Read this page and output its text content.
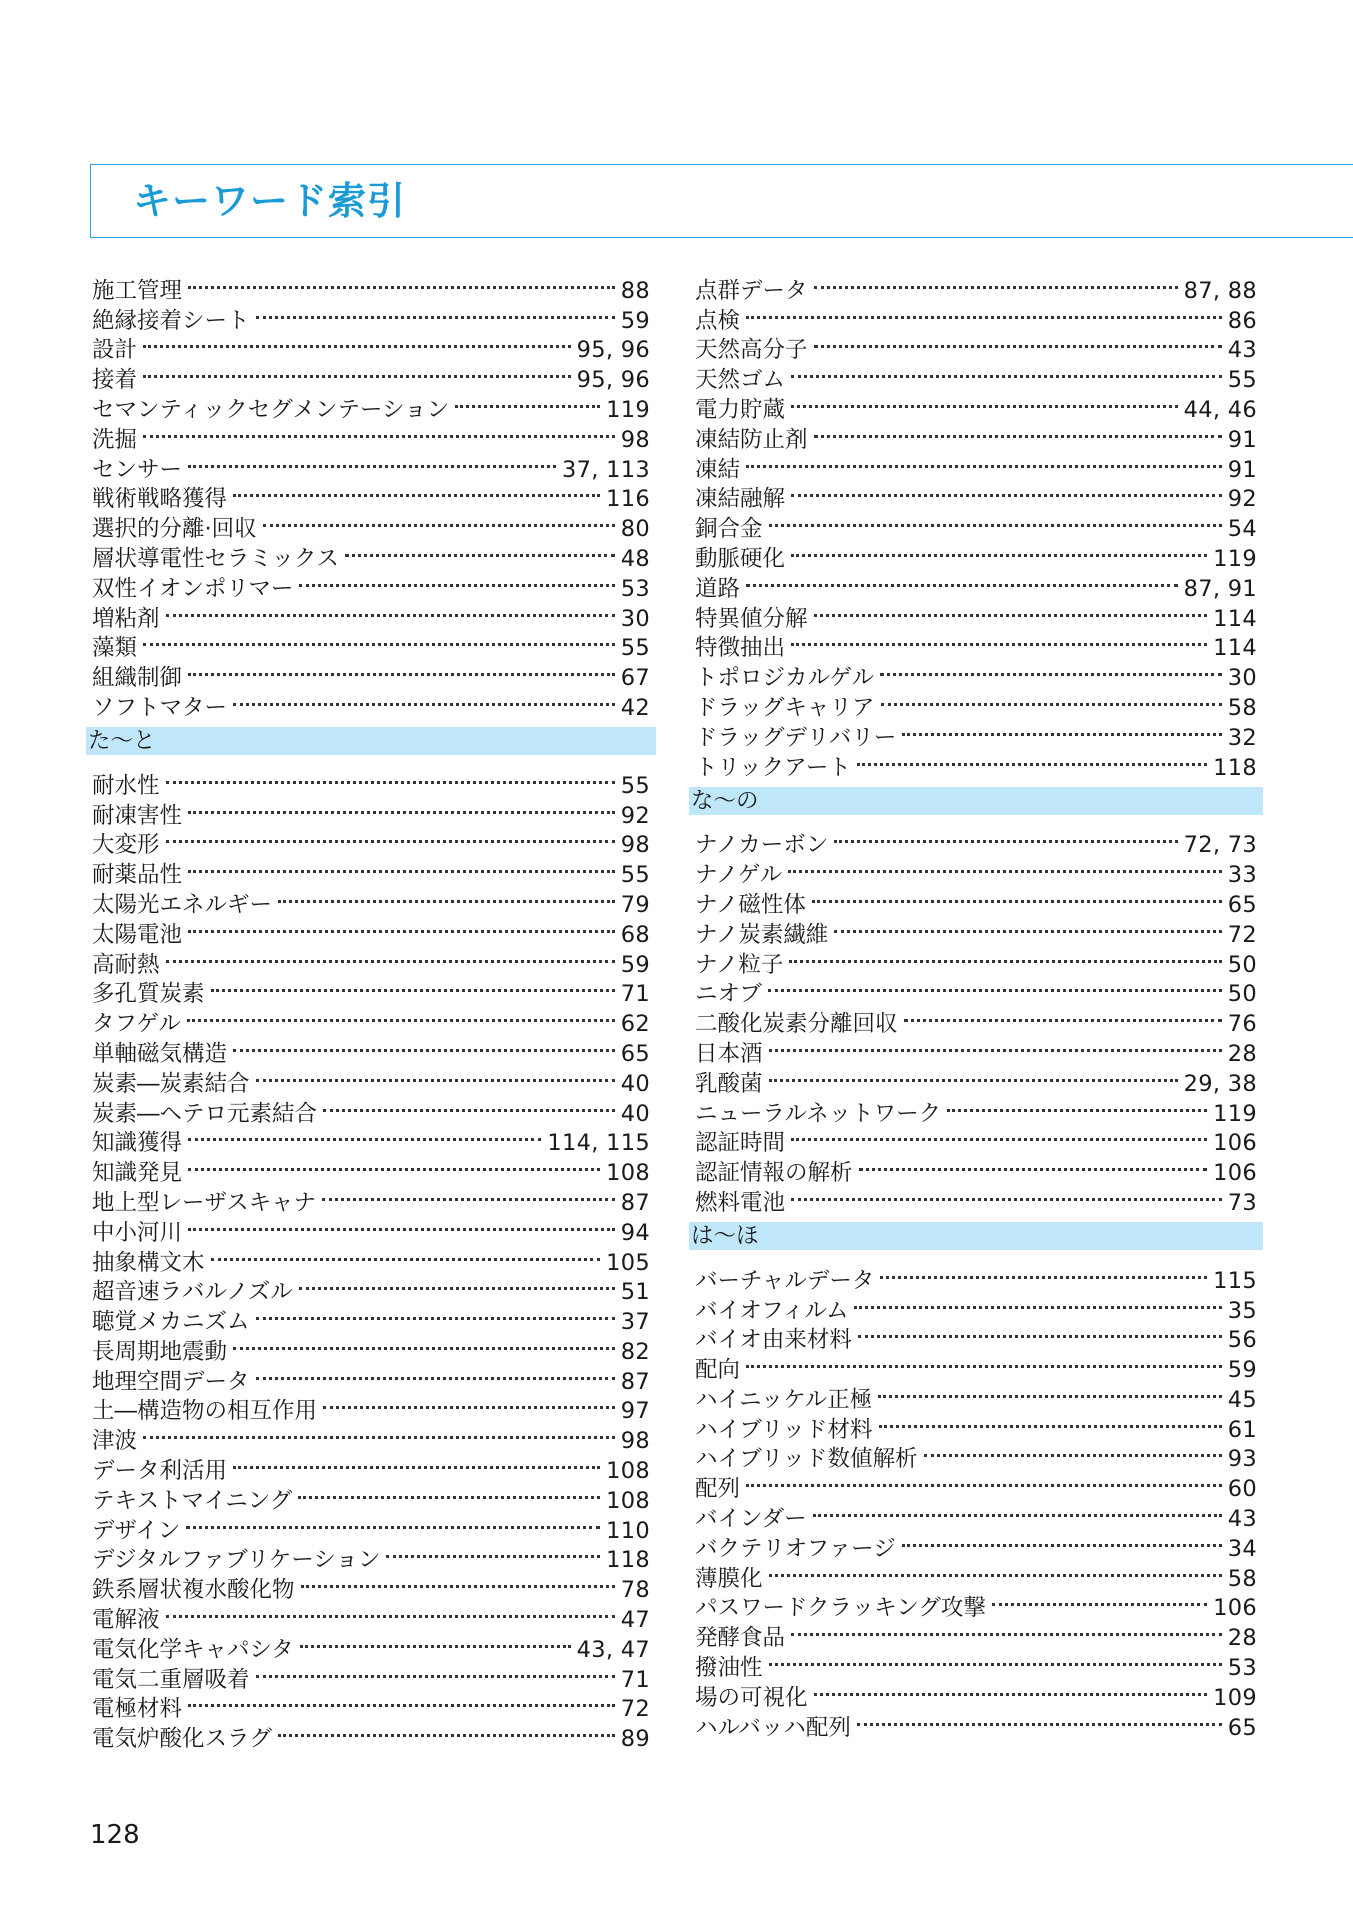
キーワード索引
施工管理	88
絶縁接着シート	59
設計	95, 96
接着	95, 96
セマンティックセグメンテーション	119
洗掘	98
センサー	37, 113
戦術戦略獲得	116
選択的分離·回収	80
層状導電性セラミックス	48
双性イオンポリマー	53
増粘剤	30
藻類	55
組織制御	67
ソフトマター	42
た〜と
耐水性	55
耐凍害性	92
大変形	98
耐薬品性	55
太陽光エネルギー	79
太陽電池	68
高耐熱	59
多孔質炭素	71
タフゲル	62
単軸磁気構造	65
炭素―炭素結合	40
炭素―ヘテロ元素結合	40
知識獲得	114, 115
知識発見	108
地上型レーザスキャナ	87
中小河川	94
抽象構文木	105
超音速ラバルノズル	51
聴覚メカニズム	37
長周期地震動	82
地理空間データ	87
土―構造物の相互作用	97
津波	98
データ利活用	108
テキストマイニング	108
デザイン	110
デジタルファブリケーション	118
鉄系層状複水酸化物	78
電解液	47
電気化学キャパシタ	43, 47
電気二重層吸着	71
電極材料	72
電気炉酸化スラグ	89
点群データ	87, 88
点検	86
天然高分子	43
天然ゴム	55
電力貯蔵	44, 46
凍結防止剤	91
凍結	91
凍結融解	92
銅合金	54
動脈硬化	119
道路	87, 91
特異値分解	114
特徴抽出	114
トポロジカルゲル	30
ドラッグキャリア	58
ドラッグデリバリー	32
トリックアート	118
な〜の
ナノカーボン	72, 73
ナノゲル	33
ナノ磁性体	65
ナノ炭素繊維	72
ナノ粒子	50
ニオブ	50
二酸化炭素分離回収	76
日本酒	28
乳酸菌	29, 38
ニューラルネットワーク	119
認証時間	106
認証情報の解析	106
燃料電池	73
は〜ほ
バーチャルデータ	115
バイオフィルム	35
バイオ由来材料	56
配向	59
ハイニッケル正極	45
ハイブリッド材料	61
ハイブリッド数値解析	93
配列	60
バインダー	43
バクテリオファージ	34
薄膜化	58
パスワードクラッキング攻撃	106
発酵食品	28
撥油性	53
場の可視化	109
ハルバッハ配列	65
128
